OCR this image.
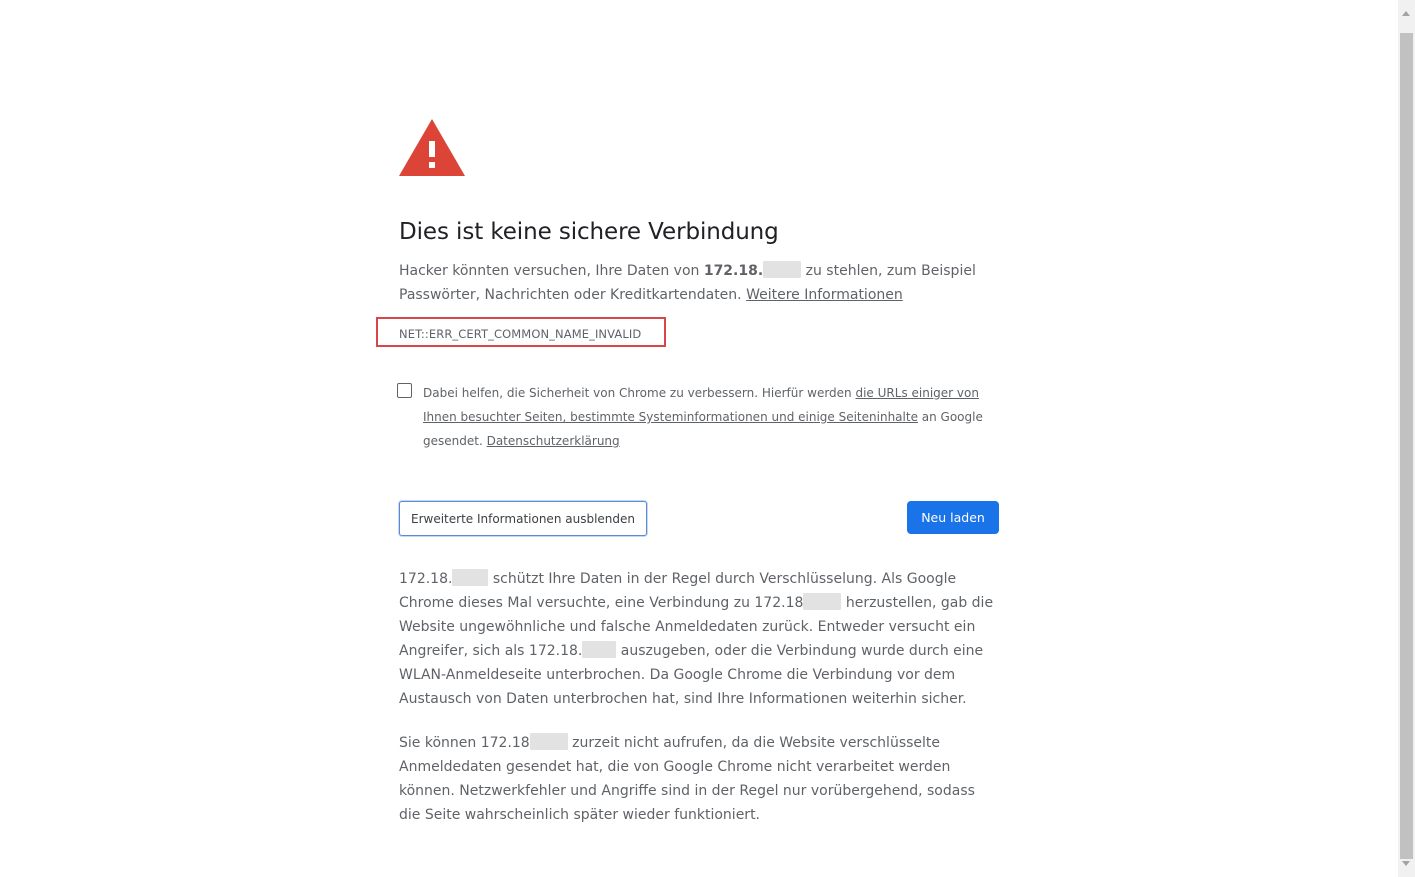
Dies ist keine sichere Verbindung

Hacker könnten versuchen, Ihre Daten von 172.18.	zu stehlen, zum Beispiel Passwörter, Nachrichten oder Kreditkartendaten. Weitere Informationen

NET::ERR_CERT_COMMON_NAME_INVALID
Dabei helfen, die Sicherheit von Chrome zu verbessern. Hierfür werden die URLs einiger von Ihnen besuchter Seiten, bestimmte Systeminformationen und einige Seiteninhalte an Google gesendet. Datenschutzerklärung
Erweiterte Informationen ausblenden	Neu laden

172.18.	schützt Ihre Daten in der Regel durch Verschlüsselung. Als Google Chrome dieses Mal versuchte, eine Verbindung zu 172.18	herzustellen, gab die Website ungewöhnliche und falsche Anmeldedaten zurück. Entweder versucht ein Angreifer, sich als 172.18. auszugeben, oder die Verbindung wurde durch eine WLAN-Anmeldeseite unterbrochen. Da Google Chrome die Verbindung vor dem Austausch von Daten unterbrochen hat, sind Ihre Informationen weiterhin sicher.

Sie können 172.18	zurzeit nicht aufrufen, da die Website verschlüsselte Anmeldedaten gesendet hat, die von Google Chrome nicht verarbeitet werden können. Netzwerkfehler und Angriffe sind in der Regel nur vorübergehend, sodass die Seite wahrscheinlich später wieder funktioniert.
